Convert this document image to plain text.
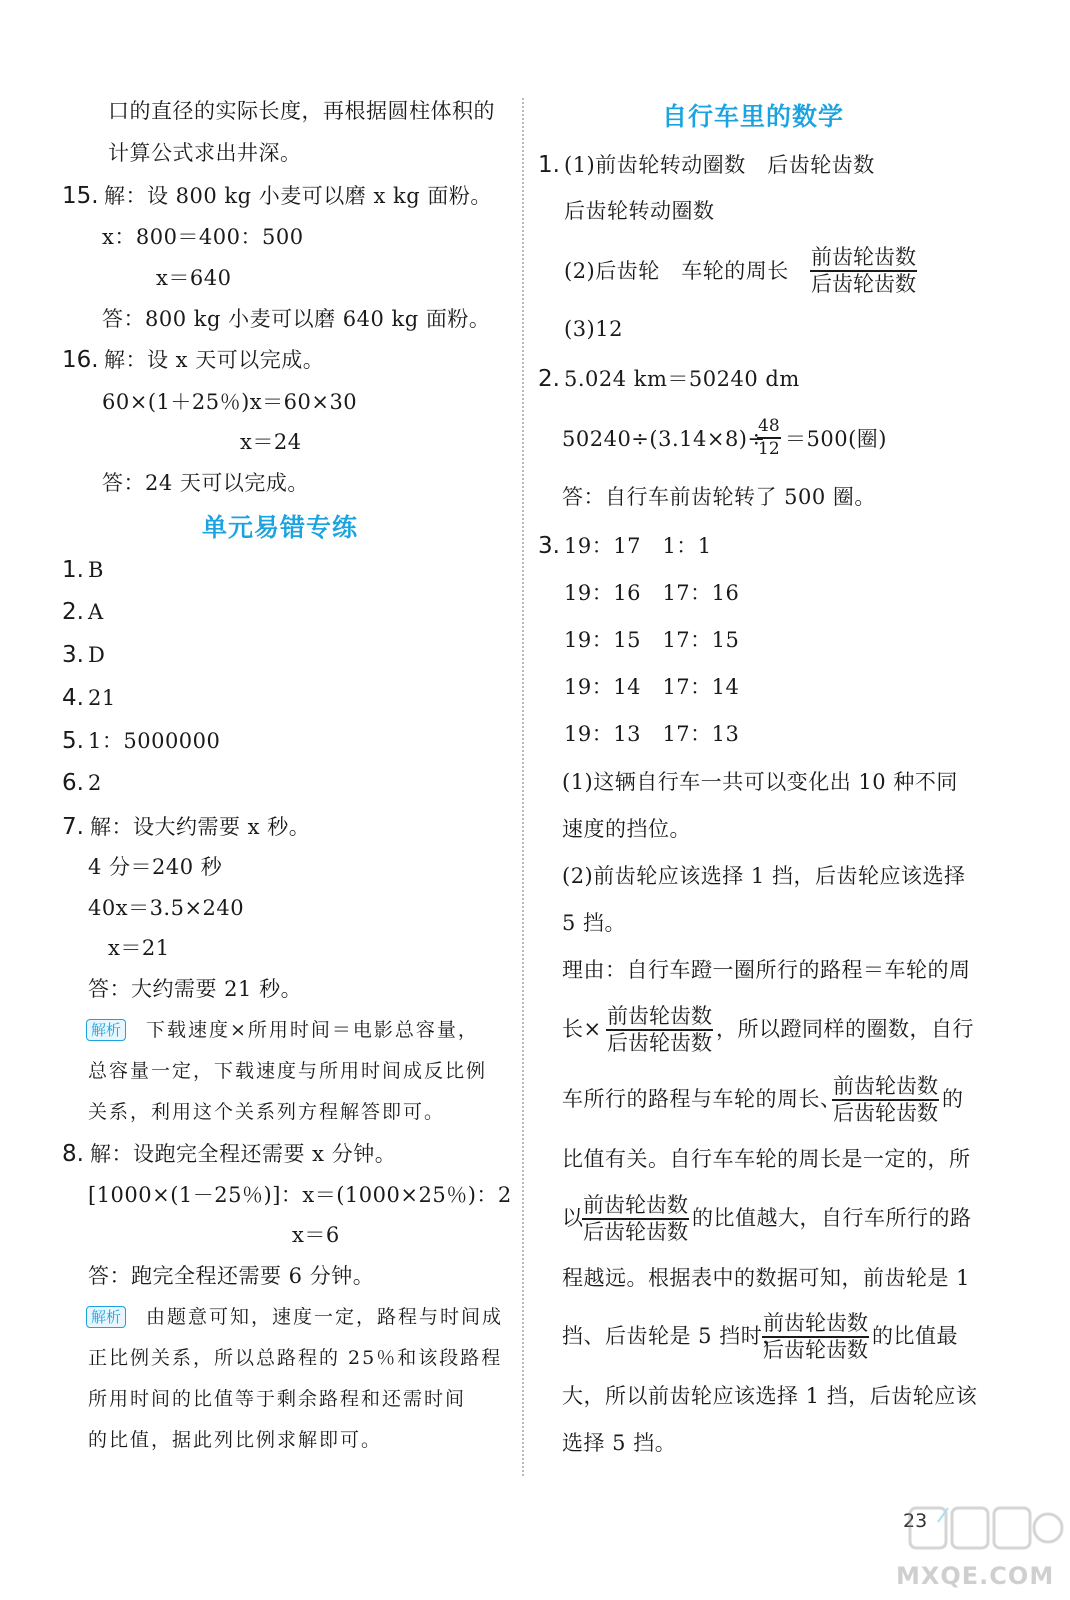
口的直径的实际长度，再根据圆柱体积的
计算公式求出井深。
15. 解：设 800 kg 小麦可以磨 x kg 面粉。
x：800＝400：500
x＝640
答：800 kg 小麦可以磨 640 kg 面粉。
16. 解：设 x 天可以完成。
60×(1＋25％)x＝60×30
x＝24
答：24 天可以完成。
单元易错专练
1. B
2. A
3. D
4. 21
5. 1：5000000
6. 2
7. 解：设大约需要 x 秒。
4 分＝240 秒
40x＝3.5×240
x＝21
答：大约需要 21 秒。
解析 下载速度×所用时间＝电影总容量，
总容量一定，下载速度与所用时间成反比例
关系，利用这个关系列方程解答即可。
8. 解：设跑完全程还需要 x 分钟。
[1000×(1－25％)]：x＝(1000×25％)：2
x＝6
答：跑完全程还需要 6 分钟。
解析 由题意可知，速度一定，路程与时间成
正比例关系，所以总路程的 25％和该段路程
所用时间的比值等于剩余路程和还需时间
的比值，据此列比例求解即可。
自行车里的数学
1. (1)前齿轮转动圈数　后齿轮齿数
后齿轮转动圈数
(2)后齿轮　车轮的周长
前齿轮齿数
后齿轮齿数
(3)12
2. 5.024 km＝50240 dm
50240÷(3.14×8)÷
$\frac{48}{12} =500$(圈)
答：自行车前齿轮转了 500 圈。
3. 19：17　1：1
19：16　17：16
19：15　17：15
19：14　17：14
19：13　17：13
(1)这辆自行车一共可以变化出 10 种不同
速度的挡位。
(2)前齿轮应该选择 1 挡，后齿轮应该选择
5 挡。
理由：自行车蹬一圈所行的路程＝车轮的周
长×
前齿轮齿数
后齿轮齿数
，所以蹬同样的圈数，自行
车所行的路程与车轮的周长、
前齿轮齿数
后齿轮齿数
的
比值有关。自行车车轮的周长是一定的，所
以
前齿轮齿数
后齿轮齿数
的比值越大，自行车所行的路
程越远。根据表中的数据可知，前齿轮是 1
挡、后齿轮是 5 挡时，
前齿轮齿数
后齿轮齿数
的比值最
大，所以前齿轮应该选择 1 挡，后齿轮应该
选择 5 挡。
23
MXQE.COM
